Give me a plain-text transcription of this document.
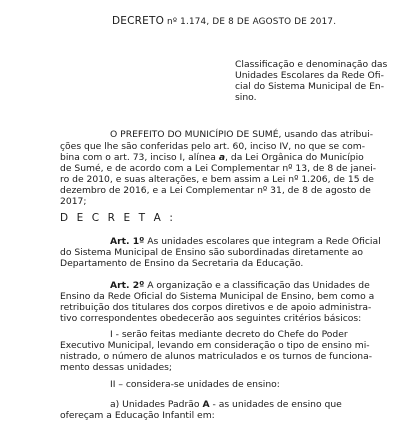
DECRETO nº 1.174, DE 8 DE AGOSTO DE 2017.
Classificação e denominação das
Unidades Escolares da Rede Ofi-
cial do Sistema Municipal de En-
sino.
O PREFEITO DO MUNICÍPIO DE SUMÉ, usando das atribui-
ções que lhe são conferidas pelo art. 60, inciso IV, no que se com-
bina com o art. 73, inciso I, alínea a, da Lei Orgânica do Município
de Sumé, e de acordo com a Lei Complementar nº 13, de 8 de janei-
ro de 2010, e suas alterações, e bem assim a Lei nº 1.206, de 15 de
dezembro de 2016, e a Lei Complementar nº 31, de 8 de agosto de
2017;
D E C R E T A :
Art. 1º As unidades escolares que integram a Rede Oficial
do Sistema Municipal de Ensino são subordinadas diretamente ao
Departamento de Ensino da Secretaria da Educação.
Art. 2º A organização e a classificação das Unidades de
Ensino da Rede Oficial do Sistema Municipal de Ensino, bem como a
retribuição dos titulares dos corpos diretivos e de apoio administra-
tivo correspondentes obedecerão aos seguintes critérios básicos:
I - serão feitas mediante decreto do Chefe do Poder
Executivo Municipal, levando em consideração o tipo de ensino mi-
nistrado, o número de alunos matriculados e os turnos de funciona-
mento dessas unidades;
II – considera-se unidades de ensino:
a) Unidades Padrão A - as unidades de ensino que
ofereçam a Educação Infantil em:
